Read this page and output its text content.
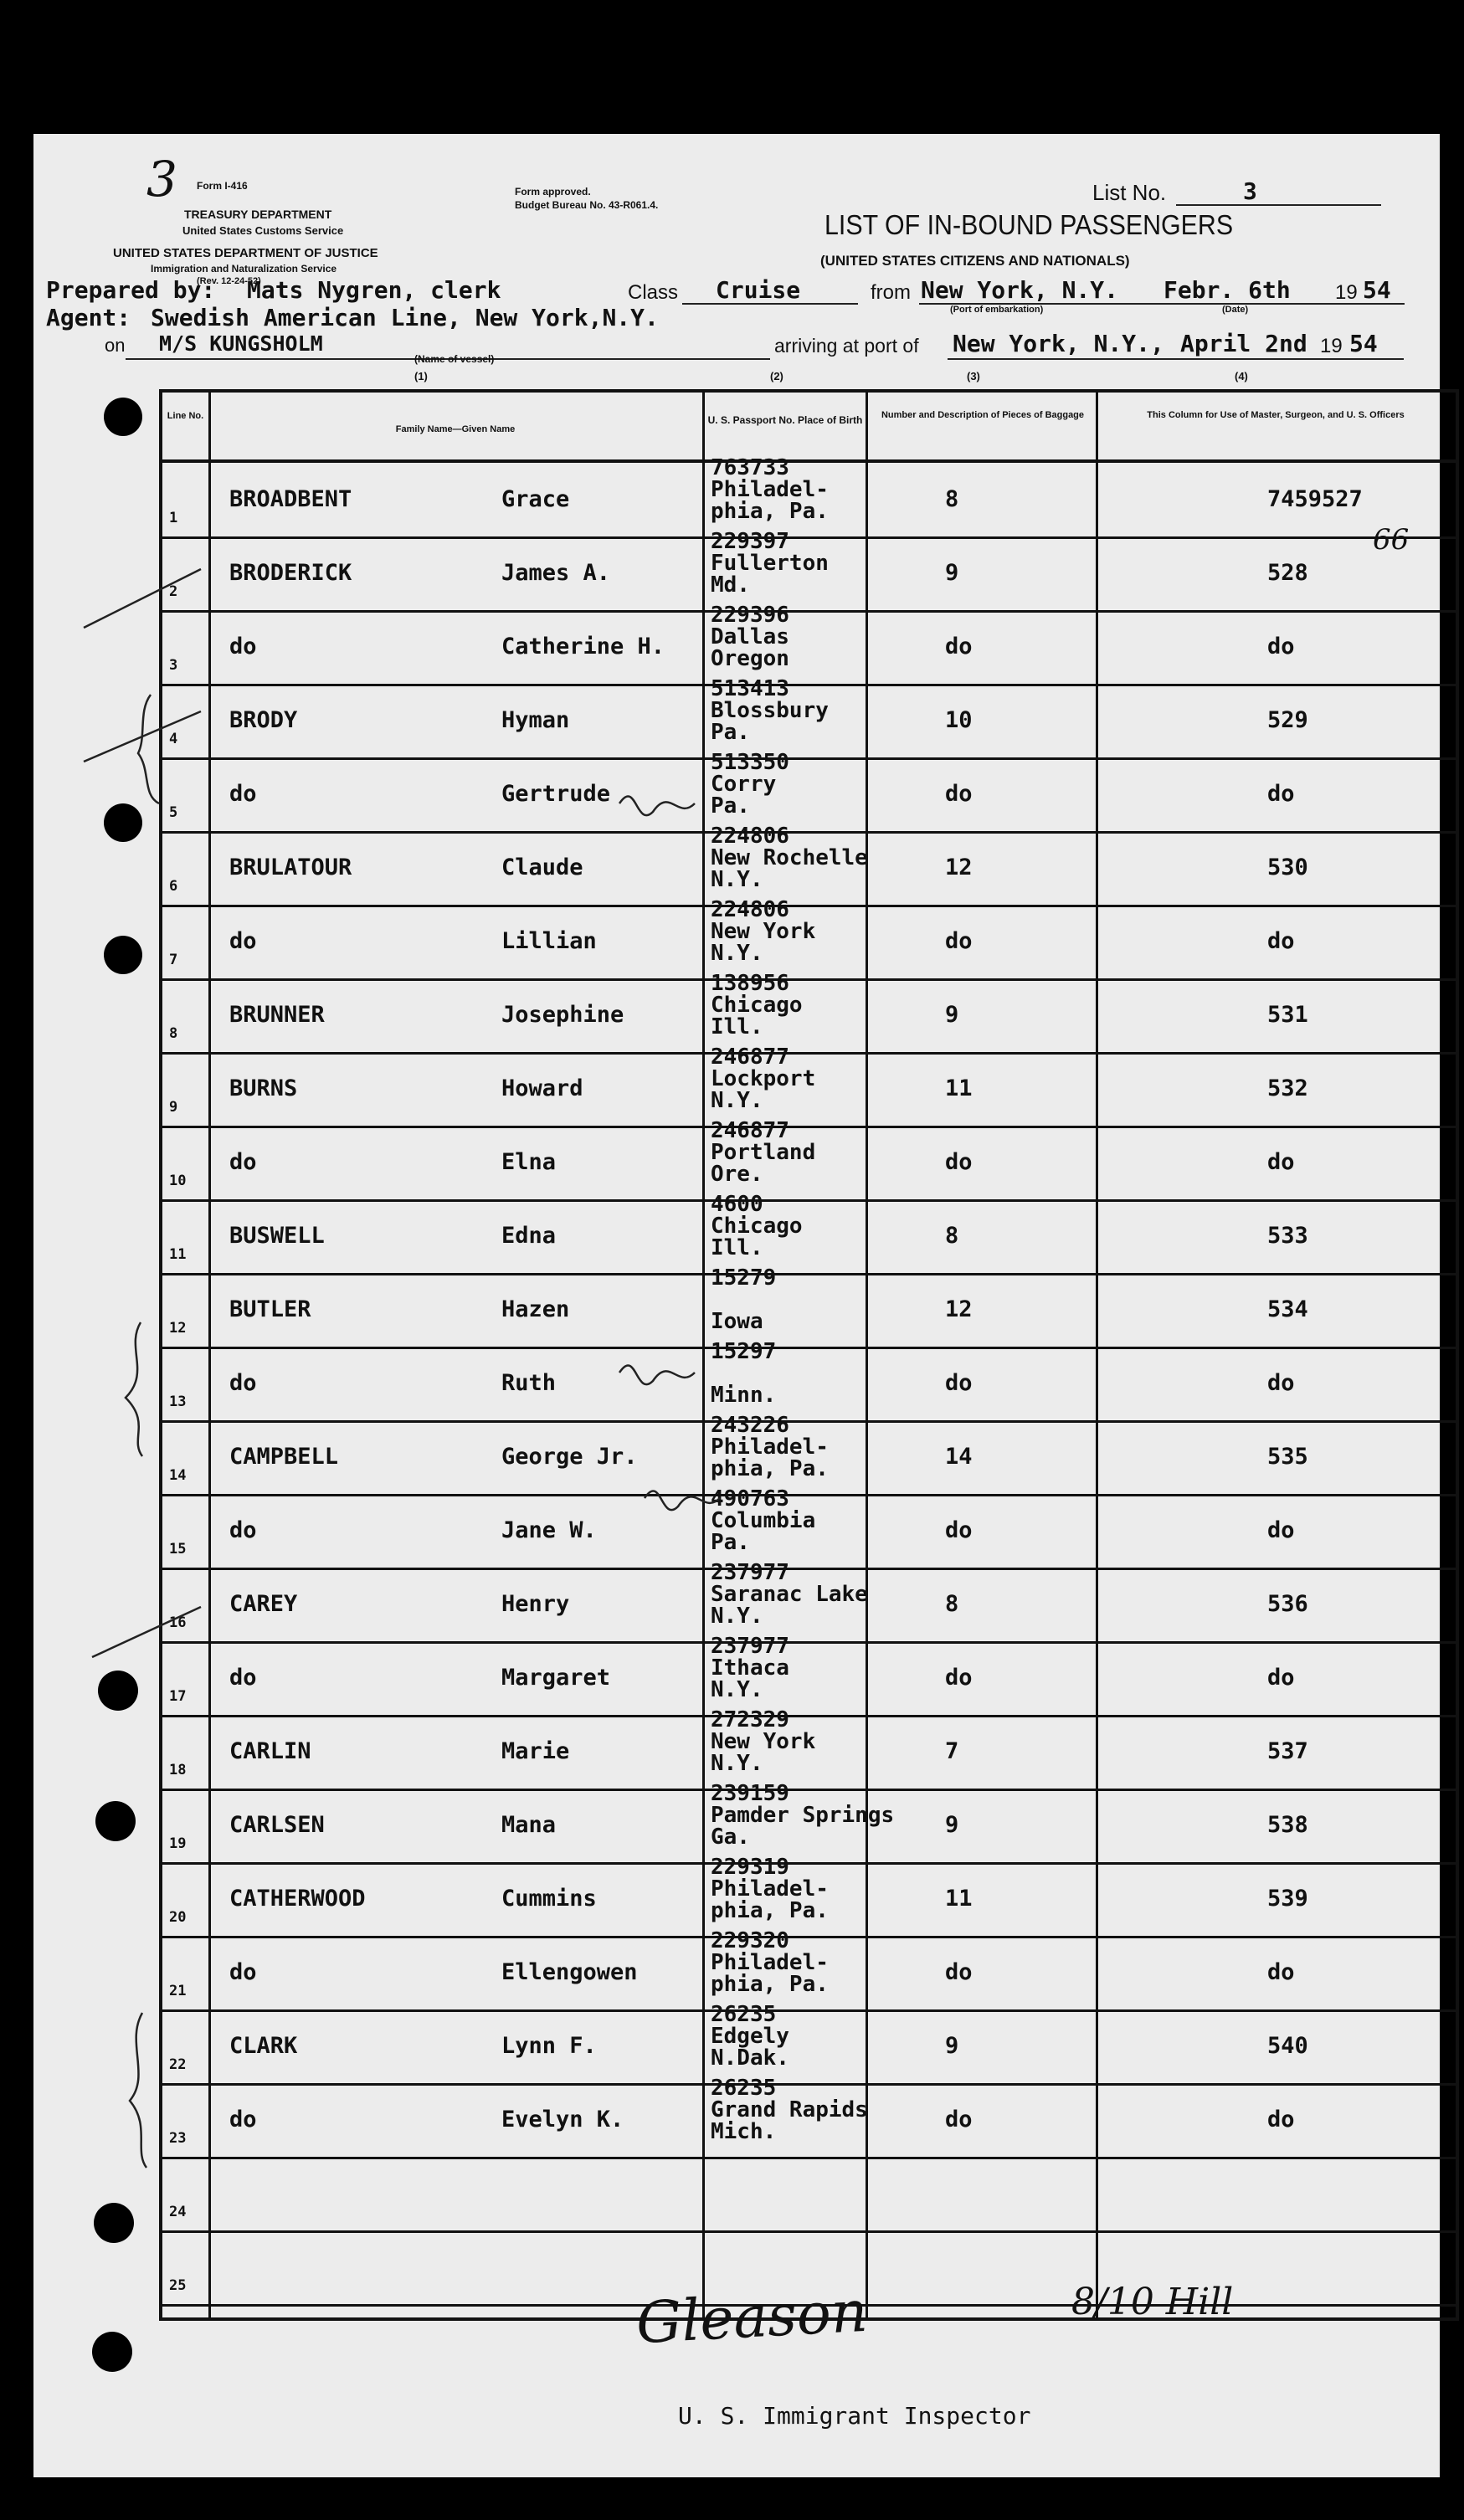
3 Form I-416
TREASURY DEPARTMENT
United States Customs Service
UNITED STATES DEPARTMENT OF JUSTICE
Immigration and Naturalization Service
(Rev. 12-24-52)
Form approved.
Budget Bureau No. 43-R061.4.	List No.	3
LIST OF IN-BOUND PASSENGERS
(UNITED STATES CITIZENS AND NATIONALS)
Prepared by: Mats Nygren, clerk	Class Cruise	from New York, N.Y. Febr. 6th 19 54
(Port of embarkation)	(Date)
Agent: Swedish American Line, New York,N.Y.
on M/S KUNGSHOLM
(Name of vessel)
arriving at port of New York, N.Y., April 2nd 19 54
(1)	(2)	(3)	(4)
Line No.
Family Name—Given Name
U. S. Passport No. Place of Birth	Number and Description of Pieces of Baggage	This Column for Use of Master, Surgeon, and U. S. Officers
1
BROADBENT	Grace
763733
Philadel-
phia, Pa.	8	7459527
2
BRODERICK	James A.
229397
Fullerton
Md.	9	528
3
do	Catherine H.
229396
Dallas
Oregon	do	do
4
BRODY	Hyman
513413
Blossbury
Pa.	10	529
5
do	Gertrude
513350
Corry
Pa.	do	do
6
BRULATOUR	Claude
224806
New Rochelle
N.Y.	12	530
7
do	Lillian
224806
New York
N.Y.	do	do
8
BRUNNER	Josephine
138956
Chicago
Ill.	9	531
9
BURNS	Howard
246877
Lockport
N.Y.	11	532
10
do	Elna
246877
Portland
Ore.	do	do
11
BUSWELL	Edna
4600
Chicago
Ill.	8	533
12
BUTLER	Hazen
15279
Iowa	12	534
13
do	Ruth
15297
Minn.	do	do
14
CAMPBELL	George Jr.
243226
Philadel-
phia, Pa.	14	535
15
do	Jane W.
490763
Columbia
Pa.	do	do
16
CAREY	Henry
237977
Saranac Lake
N.Y.	8	536
17
do	Margaret
237977
Ithaca
N.Y.	do	do
18
CARLIN	Marie
272329
New York
N.Y.	7	537
19
CARLSEN	Mana
239159
Pamder Springs
Ga.	9	538
20
CATHERWOOD	Cummins
229319
Philadel-
phia, Pa.	11	539
21
do	Ellengowen
229320
Philadel-
phia, Pa.	do	do
22
CLARK	Lynn F.
26235
Edgely
N.Dak.	9	540
23
do	Evelyn K.
26235
Grand Rapids
Mich.	do	do
24
25
66
Gleason	8/10 Hill
U. S. Immigrant Inspector
